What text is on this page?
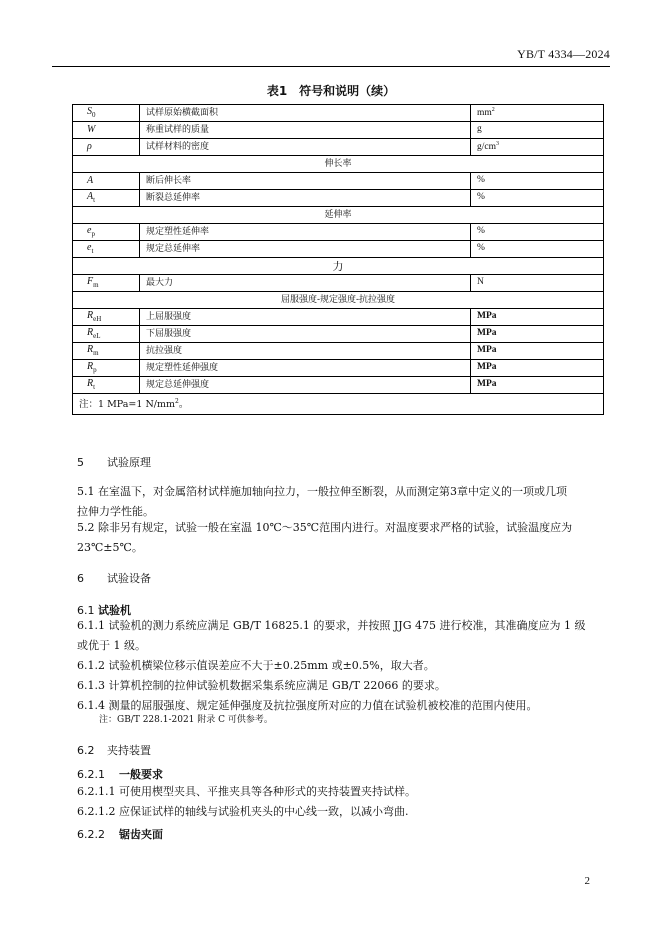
YB/T 4334—2024
表1　符号和说明（续）
$S_0$	试样原始横截面积	$mm^2$
W	称重试样的质量	g
ρ	试样材料的密度	$g/cm^3$
伸长率		
A	断后伸长率	%
$A_t$	断裂总延伸率	%
延伸率		
$e_p$	规定塑性延伸率	%
$e_t$	规定总延伸率	%
力		
$F_m$	最大力	N
屈服强度-规定强度-抗拉强度		
$R_{eH}$	上屈服强度	MPa
$R_{eL}$	下屈服强度	MPa
$R_m$	抗拉强度	MPa
$R_p$	规定塑性延伸强度	MPa
$R_t$	规定总延伸强度	MPa
注：1 MPa=1 $N/mm^2$。		
5 试验原理
5.1 在室温下，对金属箔材试样施加轴向拉力，一般拉伸至断裂，从而测定第3章中定义的一项或几项
拉伸力学性能。
5.2 除非另有规定，试验一般在室温 10℃～35℃范围内进行。对温度要求严格的试验，试验温度应为
23℃±5℃。
6 试验设备
6.1 试验机
6.1.1 试验机的测力系统应满足 GB/T 16825.1 的要求，并按照 JJG 475 进行校准，其准确度应为 1 级
或优于 1 级。
6.1.2 试验机横梁位移示值误差应不大于±0.25mm 或±0.5%，取大者。
6.1.3 计算机控制的拉伸试验机数据采集系统应满足 GB/T 22066 的要求。
6.1.4 测量的屈服强度、规定延伸强度及抗拉强度所对应的力值在试验机被校准的范围内使用。
注：GB/T 228.1-2021 附录 C 可供参考。
6.2 夹持装置
6.2.1 一般要求
6.2.1.1 可使用楔型夹具、平推夹具等各种形式的夹持装置夹持试样。
6.2.1.2 应保证试样的轴线与试验机夹头的中心线一致，以减小弯曲.
6.2.2 锯齿夹面
2
